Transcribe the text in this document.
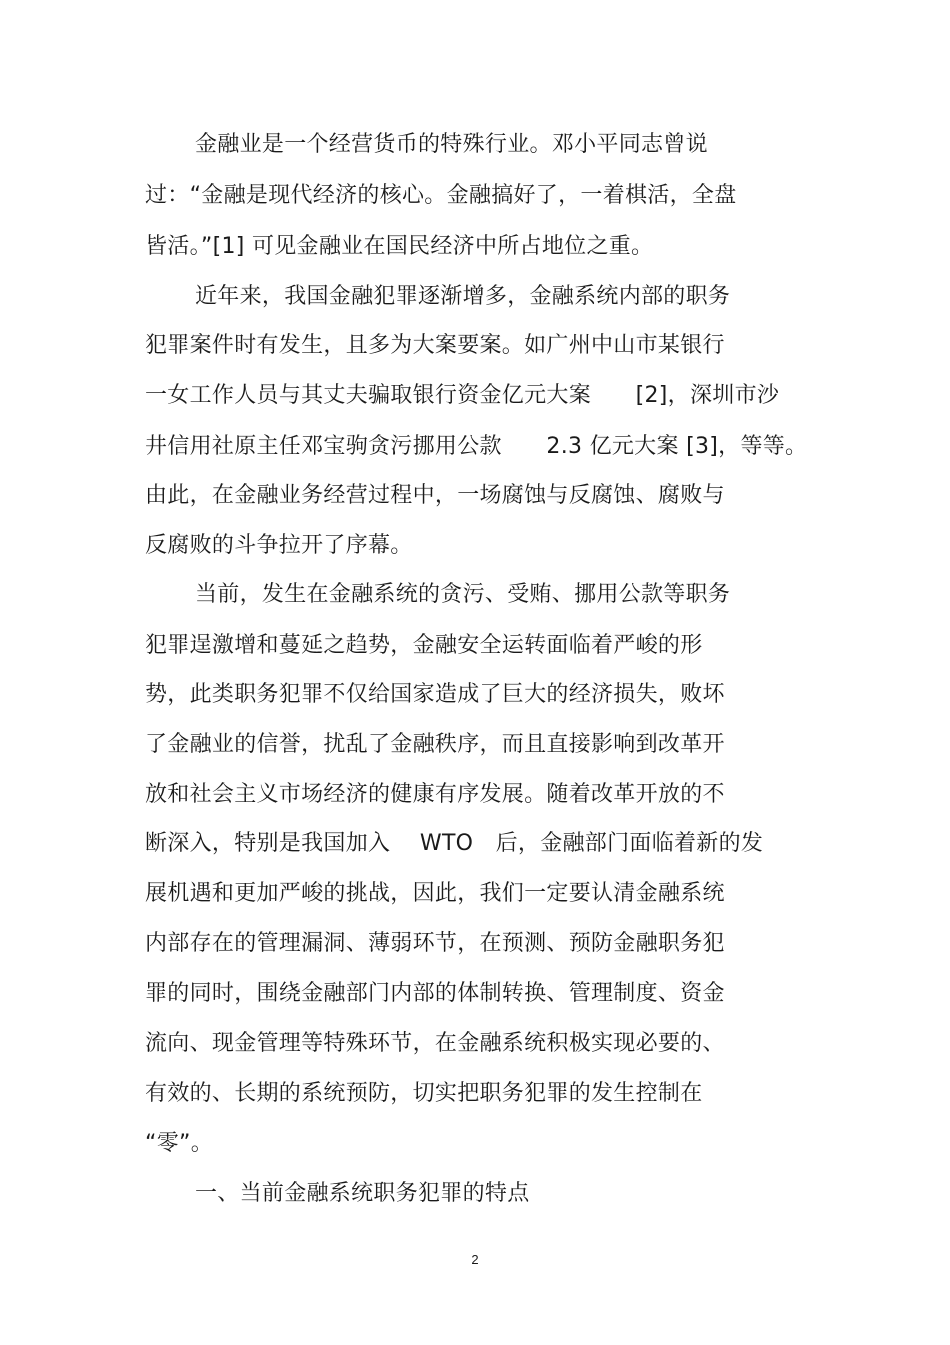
金融业是一个经营货币的特殊行业。邓小平同志曾说
过：“金融是现代经济的核心。金融搞好了，一着棋活，全盘
皆活。”[1] 可见金融业在国民经济中所占地位之重。
近年来，我国金融犯罪逐渐增多，金融系统内部的职务
犯罪案件时有发生，且多为大案要案。如广州中山市某银行
一女工作人员与其丈夫骗取银行资金亿元大案　　[2]，深圳市沙
井信用社原主任邓宝驹贪污挪用公款　　2.3 亿元大案 [3]，等等。
由此，在金融业务经营过程中，一场腐蚀与反腐蚀、腐败与
反腐败的斗争拉开了序幕。
当前，发生在金融系统的贪污、受贿、挪用公款等职务
犯罪逞激增和蔓延之趋势，金融安全运转面临着严峻的形
势，此类职务犯罪不仅给国家造成了巨大的经济损失，败坏
了金融业的信誉，扰乱了金融秩序，而且直接影响到改革开
放和社会主义市场经济的健康有序发展。随着改革开放的不
断深入，特别是我国加入　 WTO　后，金融部门面临着新的发
展机遇和更加严峻的挑战，因此，我们一定要认清金融系统
内部存在的管理漏洞、薄弱环节，在预测、预防金融职务犯
罪的同时，围绕金融部门内部的体制转换、管理制度、资金
流向、现金管理等特殊环节，在金融系统积极实现必要的、
有效的、长期的系统预防，切实把职务犯罪的发生控制在
“零”。
一、当前金融系统职务犯罪的特点
2
